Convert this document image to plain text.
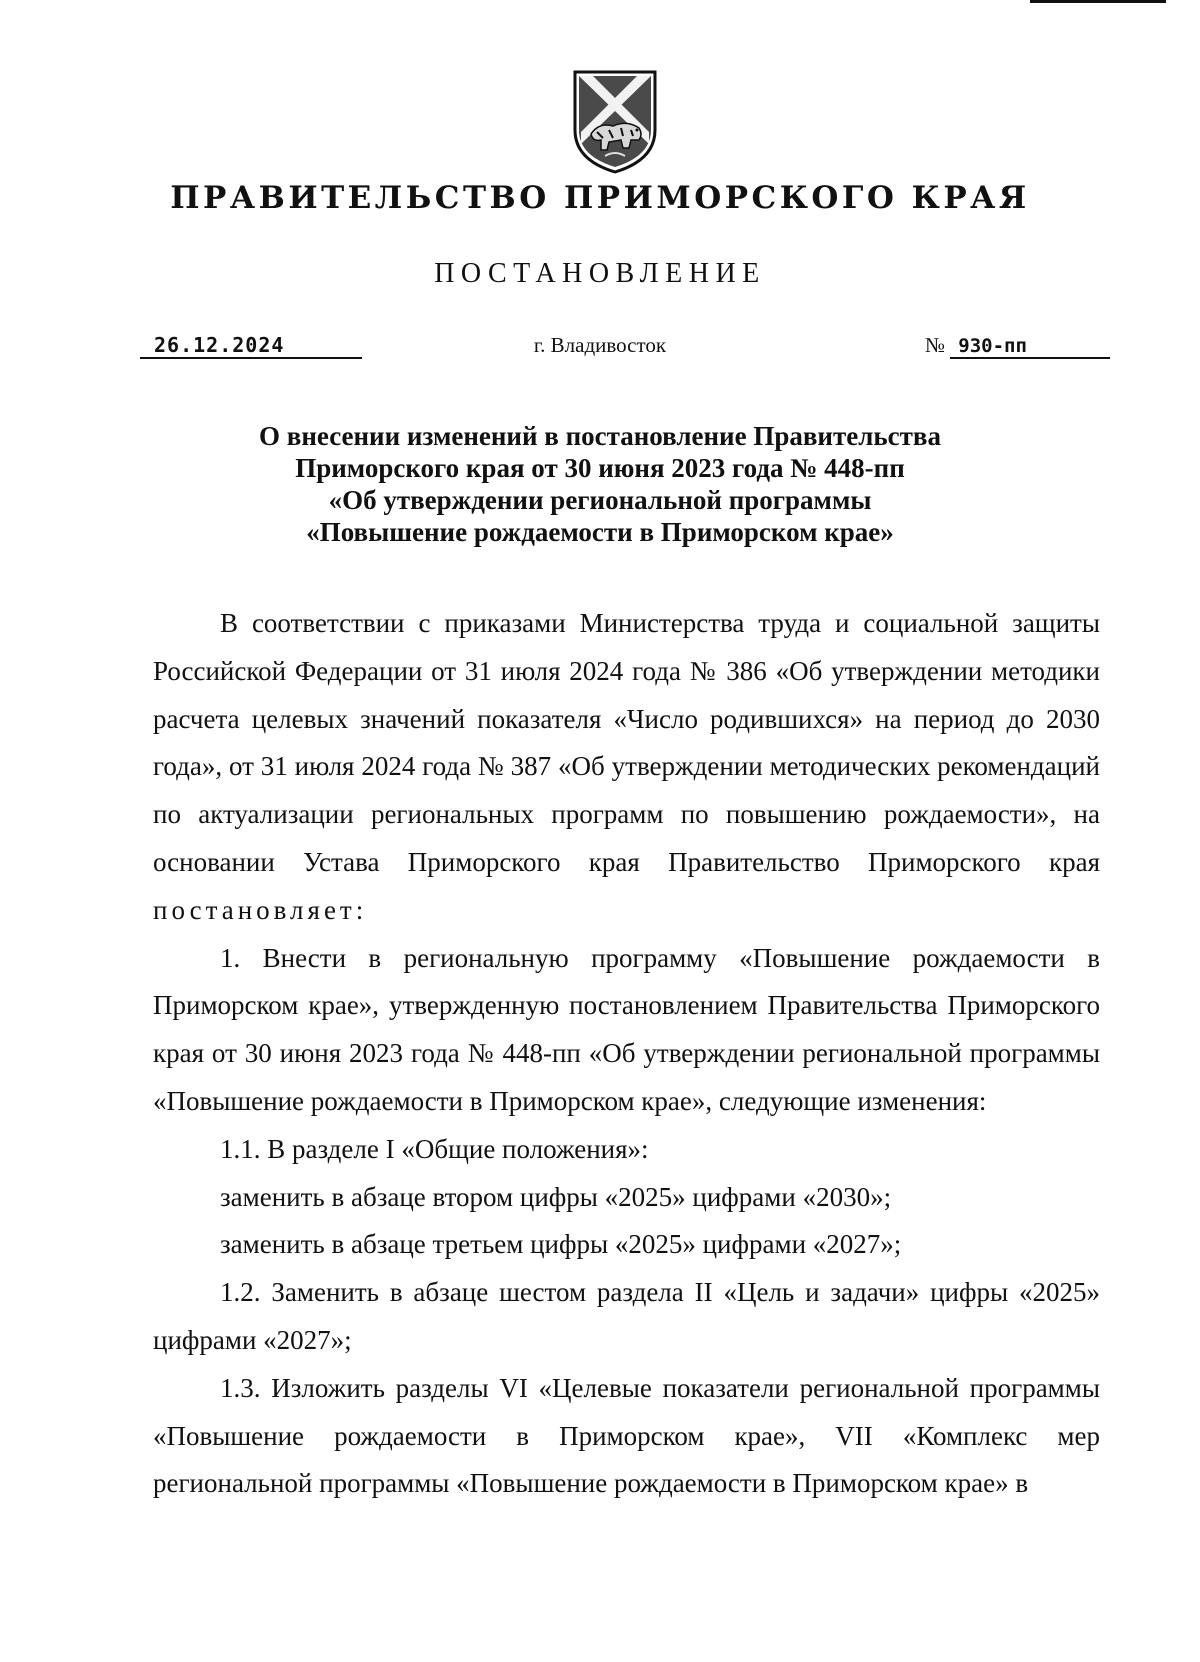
ПРАВИТЕЛЬСТВО ПРИМОРСКОГО КРАЯ
ПОСТАНОВЛЕНИЕ
26.12.2024	г. Владивосток	№ 930-пп
О внесении изменений в постановление Правительства
Приморского края от 30 июня 2023 года № 448-пп
«Об утверждении региональной программы
«Повышение рождаемости в Приморском крае»

В соответствии с приказами Министерства труда и социальной защиты Российской Федерации от 31 июля 2024 года № 386 «Об утверждении методики расчета целевых значений показателя «Число родившихся» на период до 2030 года», от 31 июля 2024 года № 387 «Об утверждении методических рекомендаций по актуализации региональных программ по повышению рождаемости», на основании Устава Приморского края Правительство Приморского края постановляет:

1. Внести в региональную программу «Повышение рождаемости в Приморском крае», утвержденную постановлением Правительства Приморского края от 30 июня 2023 года № 448-пп «Об утверждении региональной программы «Повышение рождаемости в Приморском крае», следующие изменения:

1.1. В разделе I «Общие положения»:

заменить в абзаце втором цифры «2025» цифрами «2030»;

заменить в абзаце третьем цифры «2025» цифрами «2027»;

1.2. Заменить в абзаце шестом раздела II «Цель и задачи» цифры «2025» цифрами «2027»;

1.3. Изложить разделы VI «Целевые показатели региональной программы «Повышение рождаемости в Приморском крае», VII «Комплекс мер региональной программы «Повышение рождаемости в Приморском крае» в
